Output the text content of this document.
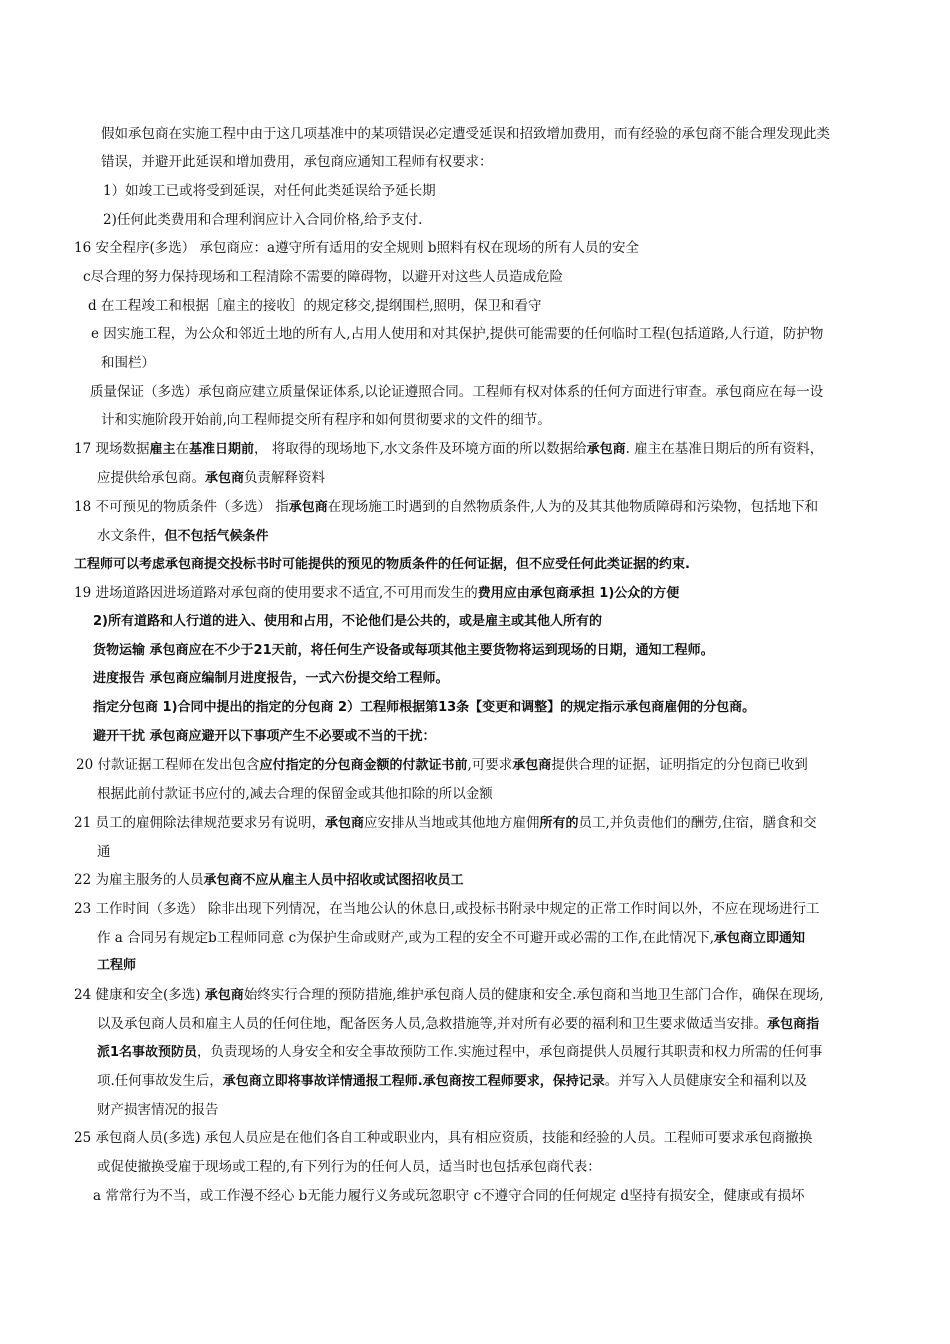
假如承包商在实施工程中由于这几项基准中的某项错误必定遭受延误和招致增加费用，而有经验的承包商不能合理发现此类
错误，并避开此延误和增加费用，承包商应通知工程师有权要求：
1）如竣工已或将受到延误，对任何此类延误给予延长期
2)任何此类费用和合理利润应计入合同价格,给予支付.
16 安全程序(多选） 承包商应：a遵守所有适用的安全规则 b照料有权在现场的所有人员的安全
c尽合理的努力保持现场和工程清除不需要的障碍物，以避开对这些人员造成危险
d 在工程竣工和根据［雇主的接收］的规定移交,提纲围栏,照明，保卫和看守
e 因实施工程，为公众和邻近土地的所有人,占用人使用和对其保护,提供可能需要的任何临时工程(包括道路,人行道，防护物
和围栏）
质量保证（多选）承包商应建立质量保证体系,以论证遵照合同。工程师有权对体系的任何方面进行审查。承包商应在每一设
计和实施阶段开始前,向工程师提交所有程序和如何贯彻要求的文件的细节。
17 现场数据雇主在基准日期前， 将取得的现场地下,水文条件及环境方面的所以数据给承包商. 雇主在基准日期后的所有资料，
应提供给承包商。承包商负责解释资料
18 不可预见的物质条件（多选） 指承包商在现场施工时遇到的自然物质条件,人为的及其其他物质障碍和污染物，包括地下和
水文条件，但不包括气候条件
工程师可以考虑承包商提交投标书时可能提供的预见的物质条件的任何证据，但不应受任何此类证据的约束.
19 进场道路因进场道路对承包商的使用要求不适宜,不可用而发生的费用应由承包商承担 1)公众的方便
2)所有道路和人行道的进入、使用和占用，不论他们是公共的，或是雇主或其他人所有的
货物运输 承包商应在不少于21天前，将任何生产设备或每项其他主要货物将运到现场的日期，通知工程师。
进度报告 承包商应编制月进度报告，一式六份提交给工程师。
指定分包商 1)合同中提出的指定的分包商 2）工程师根据第13条【变更和调整】的规定指示承包商雇佣的分包商。
避开干扰 承包商应避开以下事项产生不必要或不当的干扰：
20 付款证据工程师在发出包含应付指定的分包商金额的付款证书前,可要求承包商提供合理的证据，证明指定的分包商已收到
根据此前付款证书应付的,减去合理的保留金或其他扣除的所以金额
21 员工的雇佣除法律规范要求另有说明，承包商应安排从当地或其他地方雇佣所有的员工,并负责他们的酬劳,住宿，膳食和交
通
22 为雇主服务的人员承包商不应从雇主人员中招收或试图招收员工
23 工作时间（多选） 除非出现下列情况，在当地公认的休息日,或投标书附录中规定的正常工作时间以外，不应在现场进行工
作 a 合同另有规定b工程师同意 c为保护生命或财产,或为工程的安全不可避开或必需的工作,在此情况下,承包商立即通知
工程师
24 健康和安全(多选) 承包商始终实行合理的预防措施,维护承包商人员的健康和安全.承包商和当地卫生部门合作，确保在现场,
以及承包商人员和雇主人员的任何住地，配备医务人员,急救措施等,并对所有必要的福利和卫生要求做适当安排。承包商指
派1名事故预防员，负责现场的人身安全和安全事故预防工作.实施过程中，承包商提供人员履行其职责和权力所需的任何事
项.任何事故发生后，承包商立即将事故详情通报工程师.承包商按工程师要求，保持记录。并写入人员健康安全和福利以及
财产损害情况的报告
25 承包商人员(多选) 承包人员应是在他们各自工种或职业内，具有相应资质，技能和经验的人员。工程师可要求承包商撤换
或促使撤换受雇于现场或工程的,有下列行为的任何人员，适当时也包括承包商代表：
a 常常行为不当，或工作漫不经心 b无能力履行义务或玩忽职守 c不遵守合同的任何规定 d坚持有损安全，健康或有损坏
